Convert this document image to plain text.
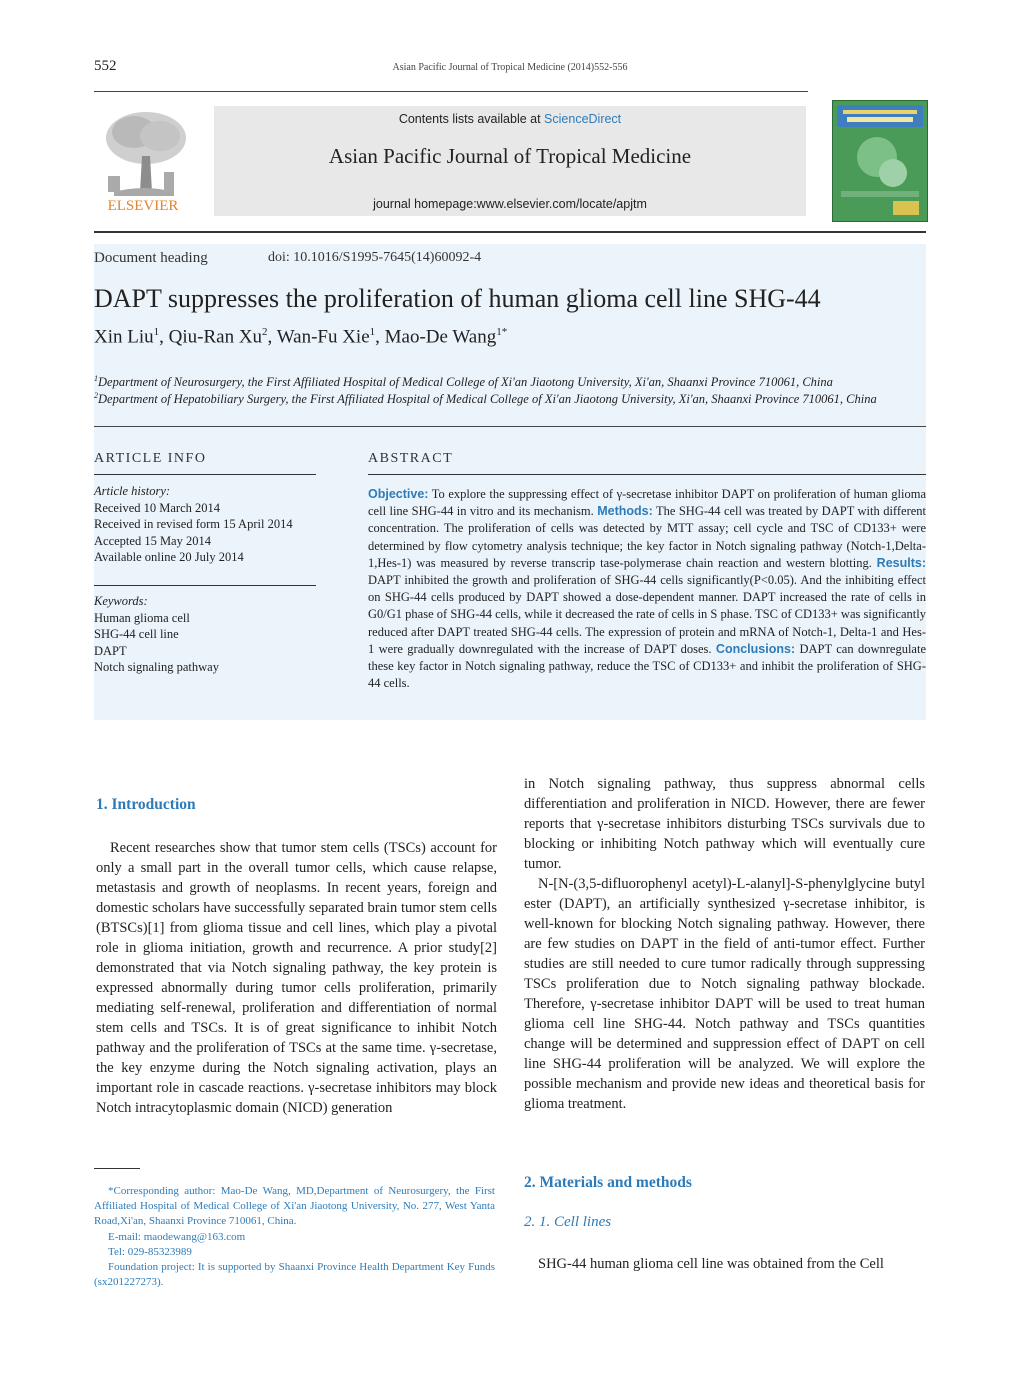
552	Asian Pacific Journal of Tropical Medicine (2014)552-556
ELSEVIER
Contents lists available at ScienceDirect
Asian Pacific Journal of Tropical Medicine
journal homepage:www.elsevier.com/locate/apjtm
Document heading	doi: 10.1016/S1995-7645(14)60092-4
DAPT suppresses the proliferation of human glioma cell line SHG-44
Xin Liu$^1$, Qiu-Ran Xu$^2$, Wan-Fu Xie$^1$, Mao-De Wang$^{1*}$
$^1$Department of Neurosurgery, the First Affiliated Hospital of Medical College of Xi'an Jiaotong University, Xi'an, Shaanxi Province 710061, China
$^2$Department of Hepatobiliary Surgery, the First Affiliated Hospital of Medical College of Xi'an Jiaotong University, Xi'an, Shaanxi Province 710061, China
ARTICLE INFO
Article history:
Received 10 March 2014
Received in revised form 15 April 2014
Accepted 15 May 2014
Available online 20 July 2014
Keywords:
Human glioma cell
SHG-44 cell line
DAPT
Notch signaling pathway
ABSTRACT
Objective: To explore the suppressing effect of γ-secretase inhibitor DAPT on proliferation of human glioma cell line SHG-44 in vitro and its mechanism. Methods: The SHG-44 cell was treated by DAPT with different concentration. The proliferation of cells was detected by MTT assay; cell cycle and TSC of CD133+ were determined by flow cytometry analysis technique; the key factor in Notch signaling pathway (Notch-1,Delta-1,Hes-1) was measured by reverse transcrip tase-polymerase chain reaction and western blotting. Results: DAPT inhibited the growth and proliferation of SHG-44 cells significantly(P<0.05). And the inhibiting effect on SHG-44 cells produced by DAPT showed a dose-dependent manner. DAPT increased the rate of cells in G0/G1 phase of SHG-44 cells, while it decreased the rate of cells in S phase. TSC of CD133+ was significantly reduced after DAPT treated SHG-44 cells. The expression of protein and mRNA of Notch-1, Delta-1 and Hes-1 were gradually downregulated with the increase of DAPT doses. Conclusions: DAPT can downregulate these key factor in Notch signaling pathway, reduce the TSC of CD133+ and inhibit the proliferation of SHG-44 cells.
1. Introduction

Recent researches show that tumor stem cells (TSCs) account for only a small part in the overall tumor cells, which cause relapse, metastasis and growth of neoplasms. In recent years, foreign and domestic scholars have successfully separated brain tumor stem cells (BTSCs)[1] from glioma tissue and cell lines, which play a pivotal role in glioma initiation, growth and recurrence. A prior study[2] demonstrated that via Notch signaling pathway, the key protein is expressed abnormally during tumor cells proliferation, primarily mediating self-renewal, proliferation and differentiation of normal stem cells and TSCs. It is of great significance to inhibit Notch pathway and the proliferation of TSCs at the same time. γ-secretase, the key enzyme during the Notch signaling activation, plays an important role in cascade reactions. γ-secretase inhibitors may block Notch intracytoplasmic domain (NICD) generation

*Corresponding author: Mao-De Wang, MD,Department of Neurosurgery, the First Affiliated Hospital of Medical College of Xi'an Jiaotong University, No. 277, West Yanta Road,Xi'an, Shaanxi Province 710061, China.

E-mail: maodewang@163.com

Tel: 029-85323989

Foundation project: It is supported by Shaanxi Province Health Department Key Funds (sx201227273).

in Notch signaling pathway, thus suppress abnormal cells differentiation and proliferation in NICD. However, there are fewer reports that γ-secretase inhibitors disturbing TSCs survivals due to blocking or inhibiting Notch pathway which will eventually cure tumor.

N-[N-(3,5-difluorophenyl acetyl)-L-alanyl]-S-phenylglycine butyl ester (DAPT), an artificially synthesized γ-secretase inhibitor, is well-known for blocking Notch signaling pathway. However, there are few studies on DAPT in the field of anti-tumor effect. Further studies are still needed to cure tumor radically through suppressing TSCs proliferation due to Notch signaling pathway blockade. Therefore, γ-secretase inhibitor DAPT will be used to treat human glioma cell line SHG-44. Notch pathway and TSCs quantities change will be determined and suppression effect of DAPT on cell line SHG-44 proliferation will be analyzed. We will explore the possible mechanism and provide new ideas and theoretical basis for glioma treatment.

2. Materials and methods
2. 1. Cell lines

SHG-44 human glioma cell line was obtained from the Cell
